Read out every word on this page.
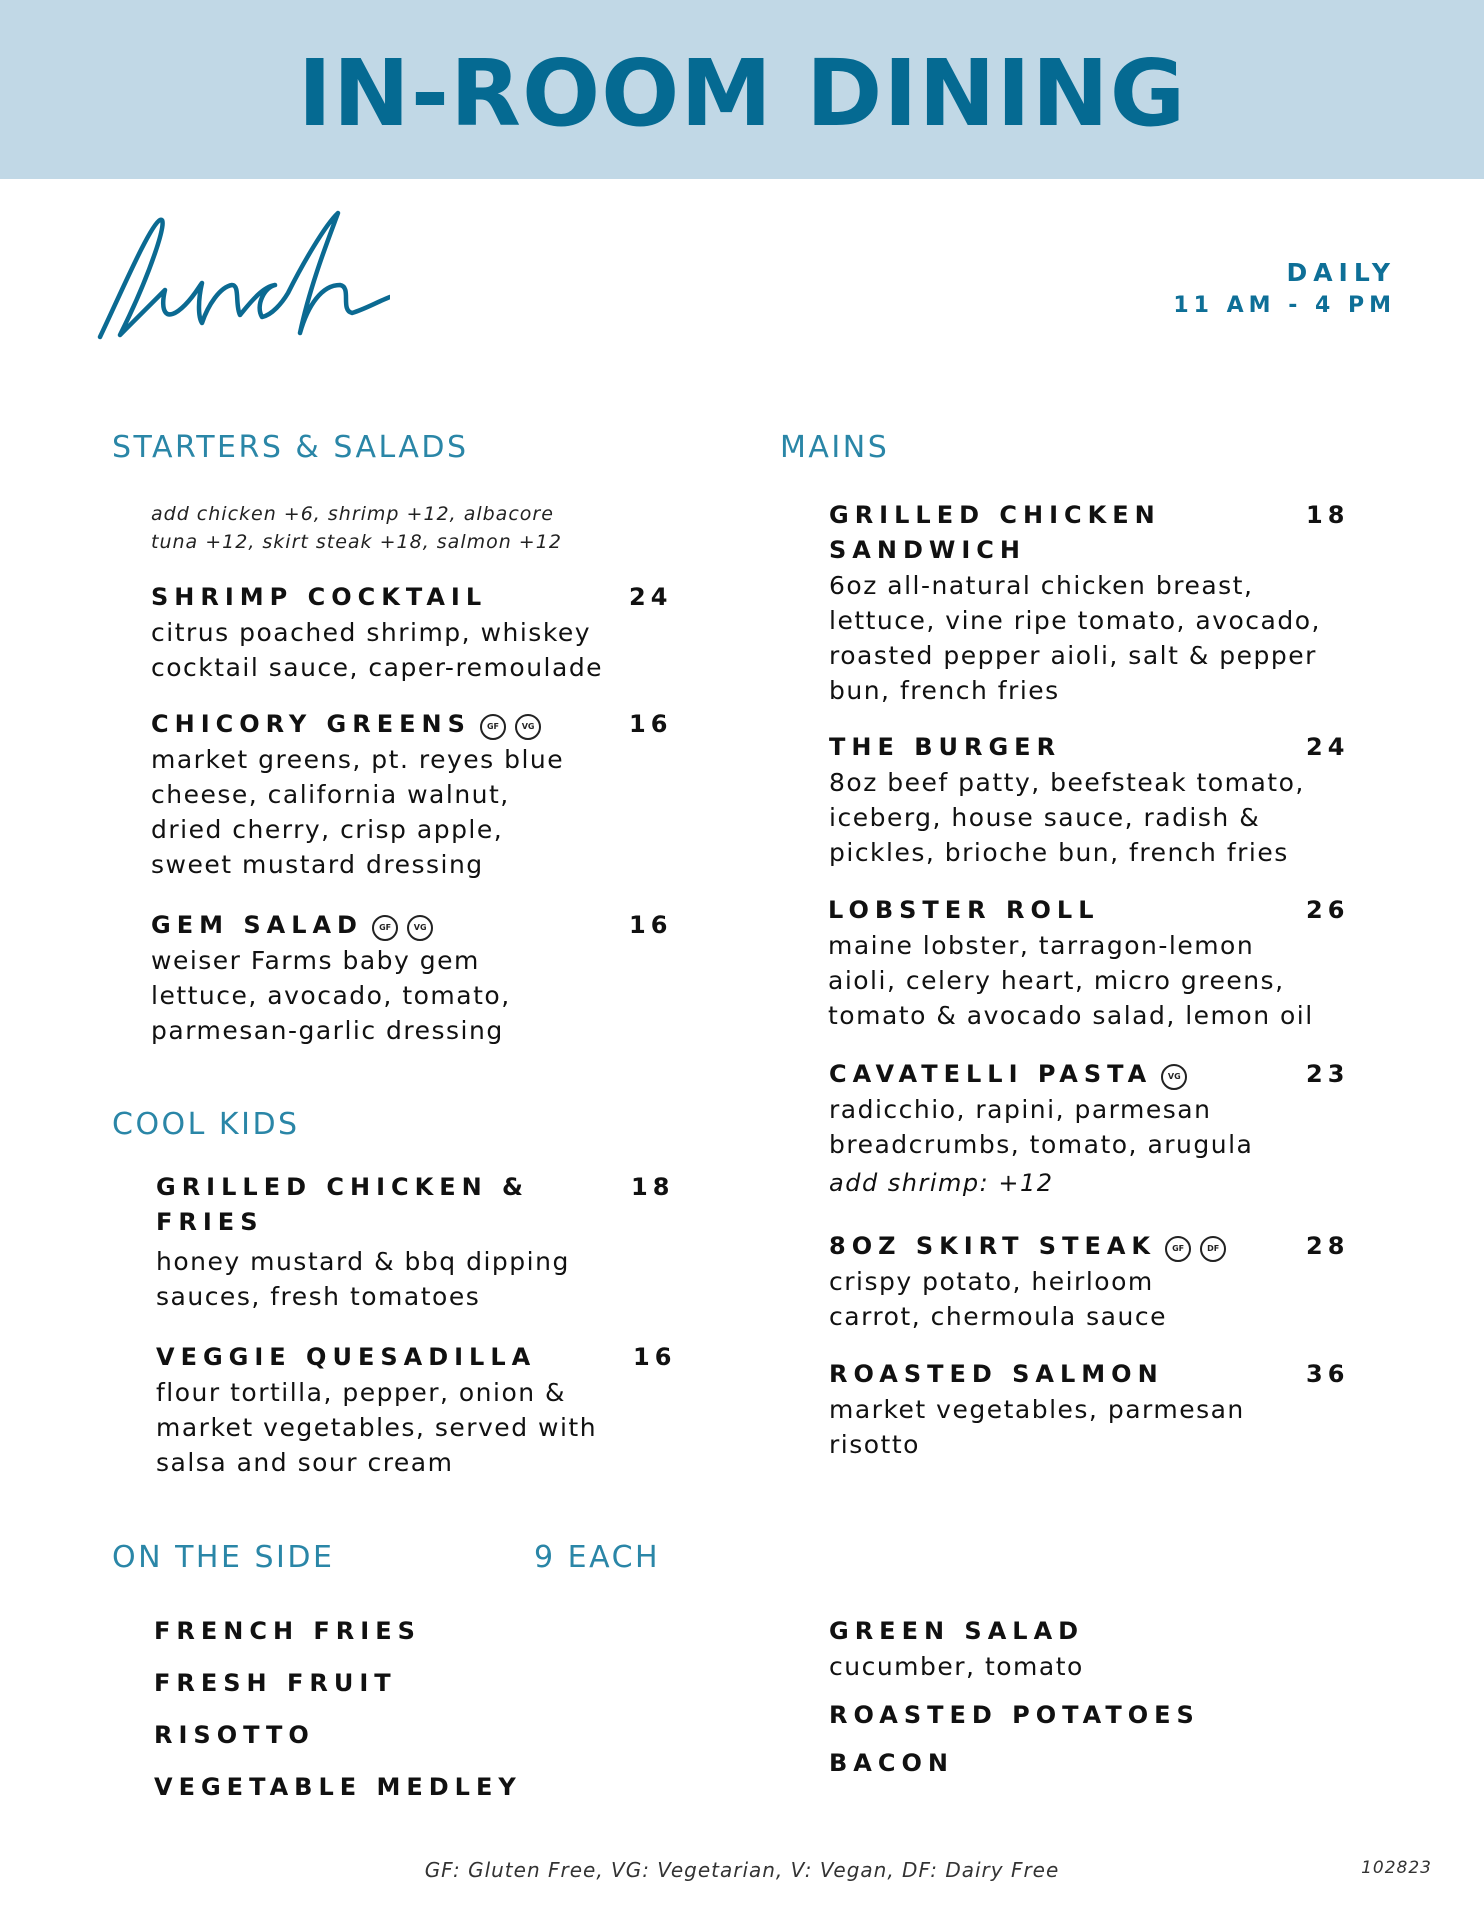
IN-ROOM DINING
DAILY
11 AM - 4 PM
STARTERS & SALADS	MAINS
COOL KIDS
ON THE SIDE	9 EACH
add chicken +6, shrimp +12, albacore
tuna +12, skirt steak +18, salmon +12
SHRIMP COCKTAIL	24
citrus poached shrimp, whiskey
cocktail sauce, caper-remoulade
CHICORY GREENS GF	VG	16
market greens, pt. reyes blue
cheese, california walnut,
dried cherry, crisp apple,
sweet mustard dressing
GEM SALAD GF	VG	16
weiser Farms baby gem
lettuce, avocado, tomato,
parmesan-garlic dressing
GRILLED CHICKEN &
FRIES
18
honey mustard & bbq dipping
sauces, fresh tomatoes
VEGGIE QUESADILLA	16
flour tortilla, pepper, onion &
market vegetables, served with
salsa and sour cream
GRILLED CHICKEN
SANDWICH
18
6oz all-natural chicken breast,
lettuce, vine ripe tomato, avocado,
roasted pepper aioli, salt & pepper
bun, french fries
THE BURGER	24
8oz beef patty, beefsteak tomato,
iceberg, house sauce, radish &
pickles, brioche bun, french fries
LOBSTER ROLL	26
maine lobster, tarragon-lemon
aioli, celery heart, micro greens,
tomato & avocado salad, lemon oil
CAVATELLI PASTA VG	23
radicchio, rapini, parmesan
breadcrumbs, tomato, arugula
add shrimp: +12
8OZ SKIRT STEAK GF	DF	28
crispy potato, heirloom
carrot, chermoula sauce
ROASTED SALMON	36
market vegetables, parmesan
risotto
FRENCH FRIES
FRESH FRUIT
RISOTTO
VEGETABLE MEDLEY
GREEN SALAD
cucumber, tomato
ROASTED POTATOES
BACON
GF: Gluten Free, VG: Vegetarian, V: Vegan, DF: Dairy Free	102823
